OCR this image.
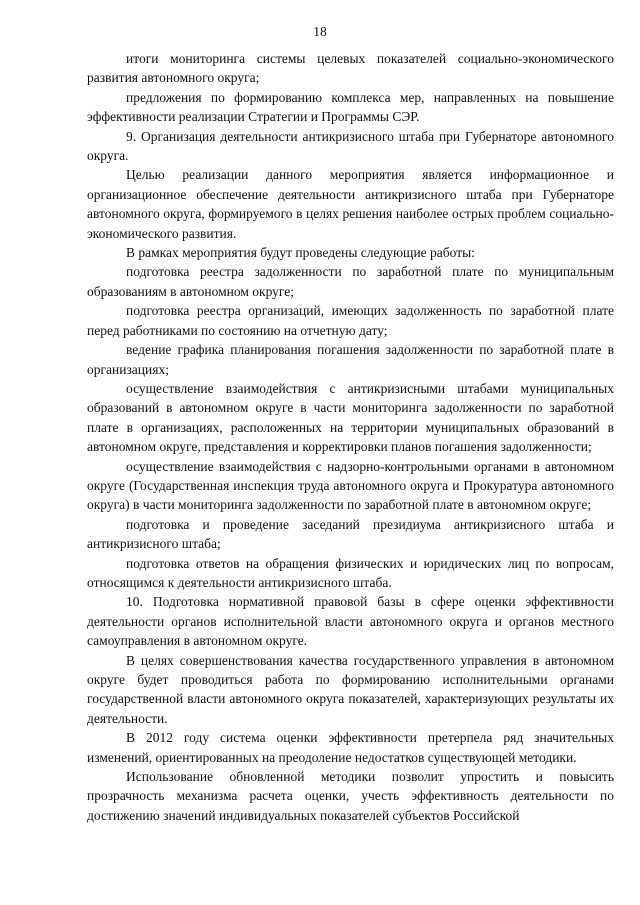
18

итоги мониторинга системы целевых показателей социально-экономического развития автономного округа;

предложения по формированию комплекса мер, направленных на повышение эффективности реализации Стратегии и Программы СЭР.

9. Организация деятельности антикризисного штаба при Губернаторе автономного округа.

Целью реализации данного мероприятия является информационное и организационное обеспечение деятельности антикризисного штаба при Губернаторе автономного округа, формируемого в целях решения наиболее острых проблем социально-экономического развития.

В рамках мероприятия будут проведены следующие работы:

подготовка реестра задолженности по заработной плате по муниципальным образованиям в автономном округе;

подготовка реестра организаций, имеющих задолженность по заработной плате перед работниками по состоянию на отчетную дату;

ведение графика планирования погашения задолженности по заработной плате в организациях;

осуществление взаимодействия с антикризисными штабами муниципальных образований в автономном округе в части мониторинга задолженности по заработной плате в организациях, расположенных на территории муниципальных образований в автономном округе, представления и корректировки планов погашения задолженности;

осуществление взаимодействия с надзорно-контрольными органами в автономном округе (Государственная инспекция труда автономного округа и Прокуратура автономного округа) в части мониторинга задолженности по заработной плате в автономном округе;

подготовка и проведение заседаний президиума антикризисного штаба и антикризисного штаба;

подготовка ответов на обращения физических и юридических лиц по вопросам, относящимся к деятельности антикризисного штаба.

10. Подготовка нормативной правовой базы в сфере оценки эффективности деятельности органов исполнительной власти автономного округа и органов местного самоуправления в автономном округе.

В целях совершенствования качества государственного управления в автономном округе будет проводиться работа по формированию исполнительными органами государственной власти автономного округа показателей, характеризующих результаты их деятельности.

В 2012 году система оценки эффективности претерпела ряд значительных изменений, ориентированных на преодоление недостатков существующей методики.

Использование обновленной методики позволит упростить и повысить прозрачность механизма расчета оценки, учесть эффективность деятельности по достижению значений индивидуальных показателей субъектов Российской
